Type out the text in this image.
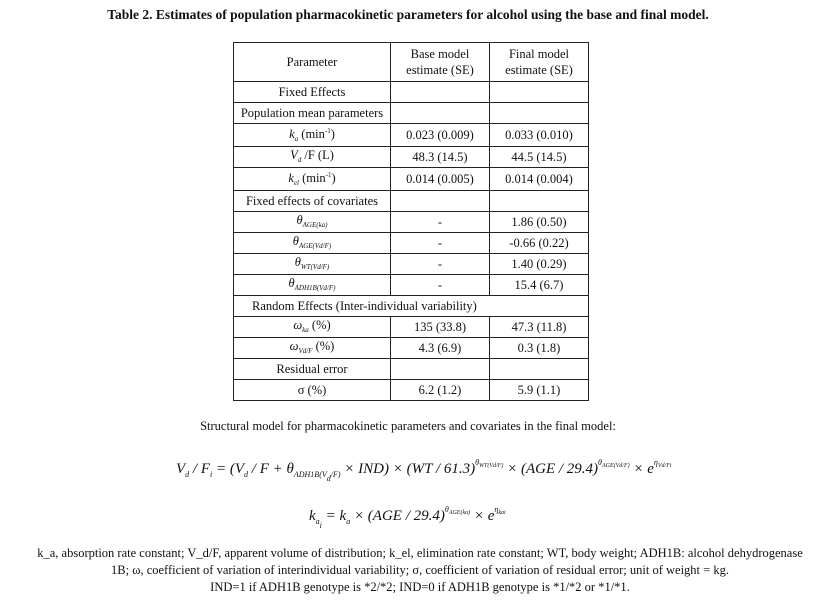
Table 2. Estimates of population pharmacokinetic parameters for alcohol using the base and final model.
Parameter	Base model estimate (SE)	Final model estimate (SE)
Fixed Effects		
Population mean parameters		
$k_a$ $(\min^{-1})$	0.023 (0.009)	0.033 (0.010)
$V_d$ /F (L)	48.3 (14.5)	44.5 (14.5)
$k_{el}$ $(\min^{-1})$	0.014 (0.005)	0.014 (0.004)
Fixed effects of covariates		
$\theta_{AGE(ka)}$	-	1.86 (0.50)
$\theta_{AGE(Vd/F)}$	-	-0.66 (0.22)
$\theta_{WT(Vd/F)}$	-	1.40 (0.29)
$\theta_{ADH1B(Vd/F)}$	-	15.4 (6.7)
Random Effects (Inter-individual variability)		
$\omega_{ka}$ (%)	135 (33.8)	47.3 (11.8)
$\omega_{Vd/F}$ (%)	4.3 (6.9)	0.3 (1.8)
Residual error		
σ (%)	6.2 (1.2)	5.9 (1.1)
Structural model for pharmacokinetic parameters and covariates in the final model:
$V_d / F_i = (V_d / F + \theta_{ADH1B(V_d/F)} \times IND) \times (WT / 61.3)^{\theta_{WT(Vd/F)}} \times (AGE / 29.4)^{\theta_{AGE(Vd/F)}} \times e^{\eta_{Vd/Fi}}$
$k_{a_i} = k_a \times (AGE / 29.4)^{\theta_{AGE(ka)}} \times e^{\eta_{kai}}$
k_a, absorption rate constant; V_d/F, apparent volume of distribution; k_el, elimination rate constant; WT, body weight; ADH1B: alcohol dehydrogenase 1B; ω, coefficient of variation of interindividual variability; σ, coefficient of variation of residual error; unit of weight = kg.
IND=1 if ADH1B genotype is *2/*2; IND=0 if ADH1B genotype is *1/*2 or *1/*1.
